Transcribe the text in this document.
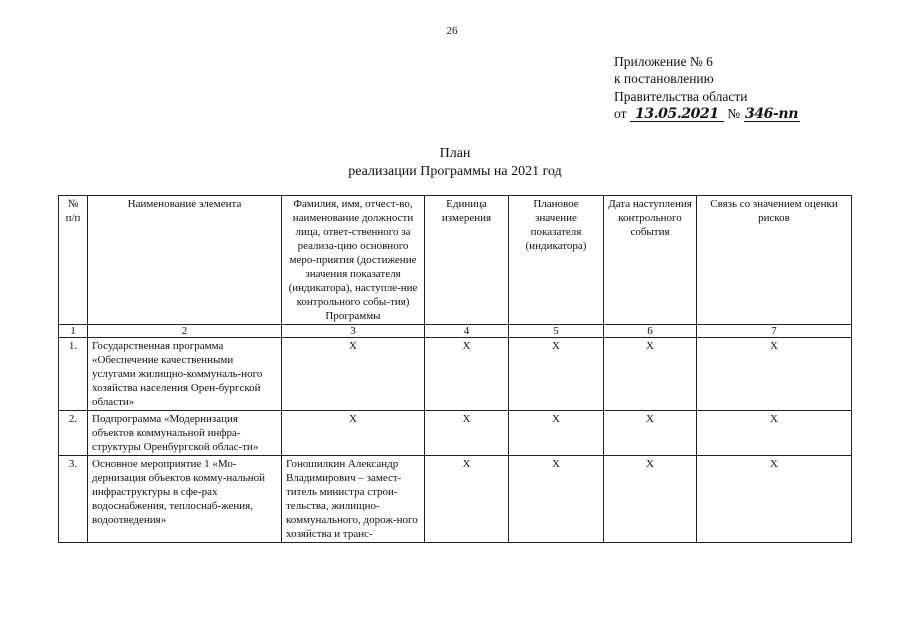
26
Приложение № 6
к постановлению
Правительства области
от 13.05.2021 № 346-пп
План
реализации Программы на 2021 год
№ п/п	Наименование элемента	Фамилия, имя, отчест-во, наименование должности лица, ответ-ственного за реализа-цию основного меро-приятия (достижение значения показателя (индикатора), наступле-ние контрольного собы-тия) Программы	Единица измерения	Плановое значение показателя (индикатора)	Дата наступления контрольного события	Связь со значением оценки рисков
1	2	3	4	5	6	7
1.	Государственная программа «Обеспечение качественными услугами жилищно-коммуналь-ного хозяйства населения Орен-бургской области»	Х	Х	Х	Х	Х
2.	Подпрограмма «Модернизация объектов коммунальной инфра-структуры Оренбургской облас-ти»	Х	Х	Х	Х	Х
3.	Основное мероприятие 1 «Мо-дернизация объектов комму-нальной инфраструктуры в сфе-рах водоснабжения, теплоснаб-жения, водоотведения»	Гоношилкин Александр Владимирович – замест-титель министра строи-тельства, жилищно-коммунального, дорож-ного хозяйства и транс-	Х	Х	Х	Х
